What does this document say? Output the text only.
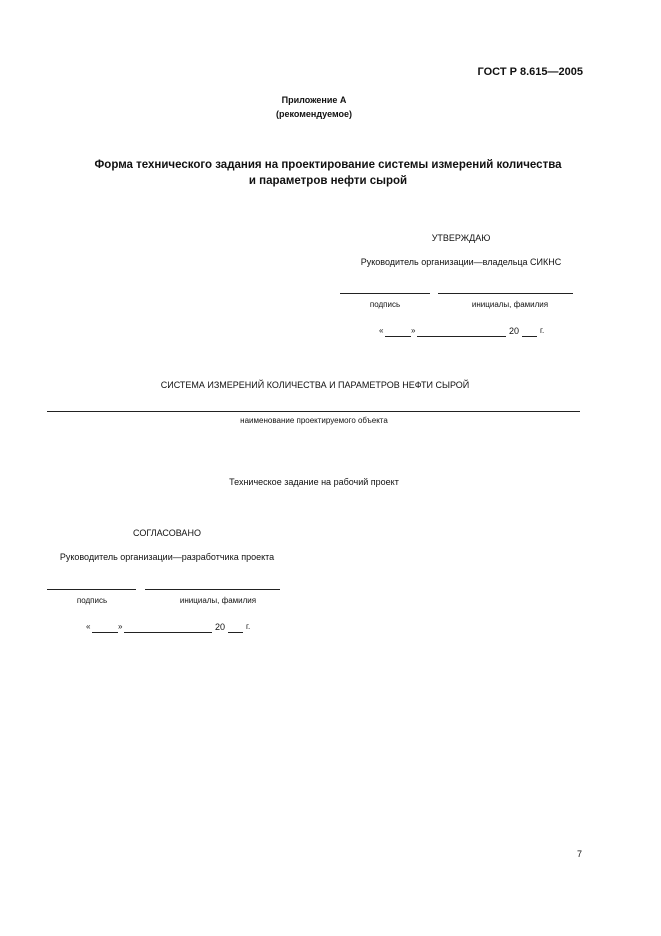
ГОСТ Р 8.615—2005
Приложение А
(рекомендуемое)
Форма технического задания на проектирование системы измерений количества
и параметров нефти сырой
УТВЕРЖДАЮ
Руководитель организации—владельца СИКНС
подпись	инициалы, фамилия
«	»	20	г.
СИСТЕМА ИЗМЕРЕНИЙ КОЛИЧЕСТВА И ПАРАМЕТРОВ НЕФТИ СЫРОЙ
наименование проектируемого объекта
Техническое задание на рабочий проект
СОГЛАСОВАНО
Руководитель организации—разработчика проекта
подпись	инициалы, фамилия
«	»	20	г.
7
